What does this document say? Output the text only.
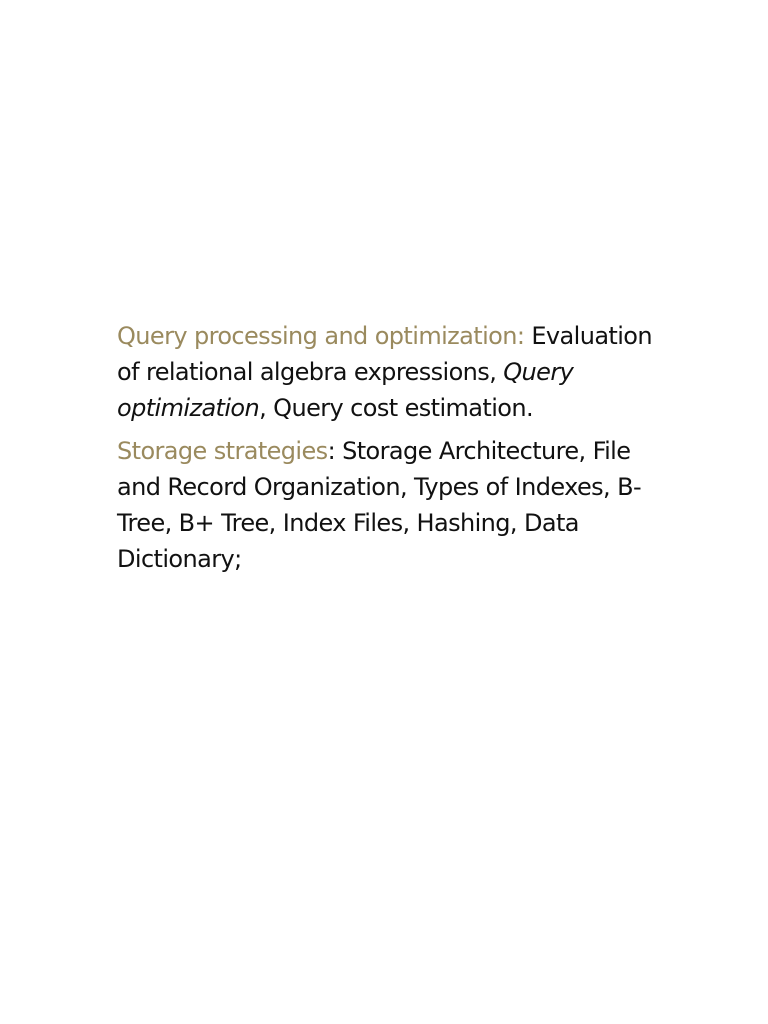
Query processing and optimization: Evaluation of relational algebra expressions, Query optimization, Query cost estimation.

Storage strategies: Storage Architecture, File and Record Organization, Types of Indexes, B-Tree, B+ Tree, Index Files, Hashing, Data Dictionary;
